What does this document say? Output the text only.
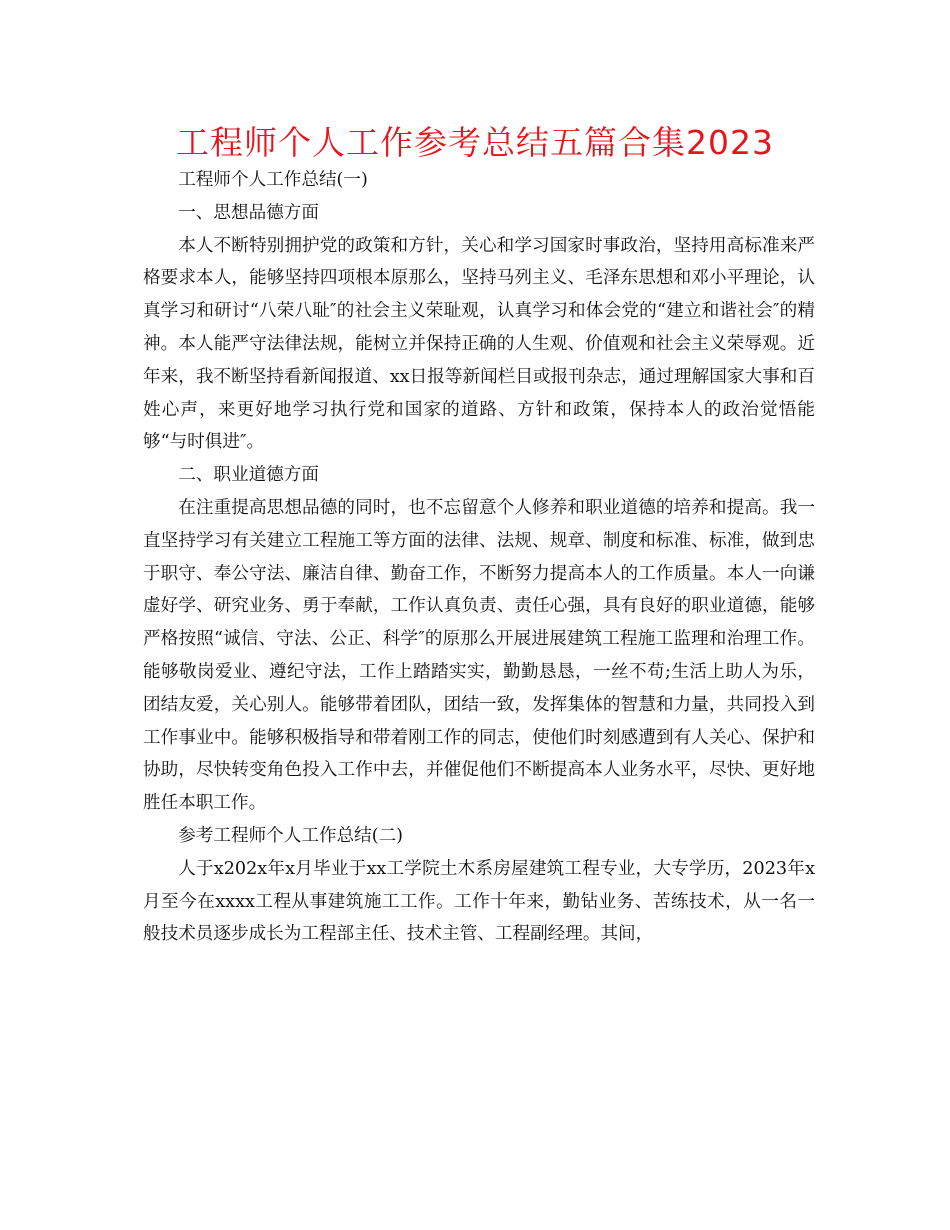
工程师个人工作参考总结五篇合集2023

工程师个人工作总结(一)

一、思想品德方面

本人不断特别拥护党的政策和方针，关心和学习国家时事政治，坚持用高标准来严格要求本人，能够坚持四项根本原那么，坚持马列主义、毛泽东思想和邓小平理论，认真学习和研讨“八荣八耻″的社会主义荣耻观，认真学习和体会党的“建立和谐社会″的精神。本人能严守法律法规，能树立并保持正确的人生观、价值观和社会主义荣辱观。近年来，我不断坚持看新闻报道、xx日报等新闻栏目或报刊杂志，通过理解国家大事和百姓心声，来更好地学习执行党和国家的道路、方针和政策，保持本人的政治觉悟能够“与时俱进″。

二、职业道德方面

在注重提高思想品德的同时，也不忘留意个人修养和职业道德的培养和提高。我一直坚持学习有关建立工程施工等方面的法律、法规、规章、制度和标准、标准，做到忠于职守、奉公守法、廉洁自律、勤奋工作，不断努力提高本人的工作质量。本人一向谦虚好学、研究业务、勇于奉献，工作认真负责、责任心强，具有良好的职业道德，能够严格按照“诚信、守法、公正、科学″的原那么开展进展建筑工程施工监理和治理工作。能够敬岗爱业、遵纪守法，工作上踏踏实实，勤勤恳恳，一丝不苟;生活上助人为乐，团结友爱，关心别人。能够带着团队，团结一致，发挥集体的智慧和力量，共同投入到工作事业中。能够积极指导和带着刚工作的同志，使他们时刻感遭到有人关心、保护和协助，尽快转变角色投入工作中去，并催促他们不断提高本人业务水平，尽快、更好地胜任本职工作。

参考工程师个人工作总结(二)

人于x202x年x月毕业于xx工学院土木系房屋建筑工程专业，大专学历，2023年x月至今在xxxx工程从事建筑施工工作。工作十年来，勤钻业务、苦练技术，从一名一般技术员逐步成长为工程部主任、技术主管、工程副经理。其间，
